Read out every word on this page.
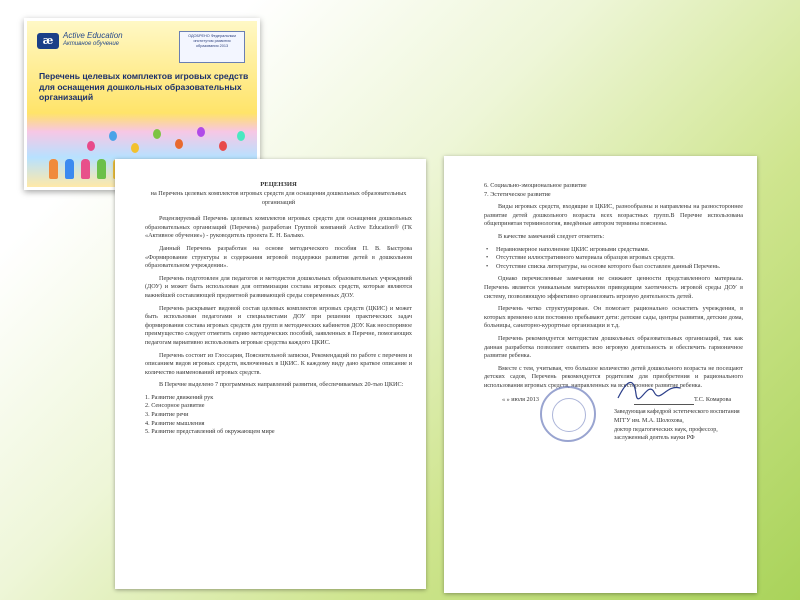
æ	Active Education
Активное обучение
ОДОБРЕНО Федеральным институтом развития образования 2013
Перечень целевых комплектов игровых средств для оснащения дошкольных образовательных организаций
РЕЦЕНЗИЯ
на Перечень целевых комплектов игровых средств для оснащения дошкольных образовательных организаций

Рецензируемый Перечень целевых комплектов игровых средств для оснащения дошкольных образовательных организаций (Перечень) разработан Группой компаний Active Education® (ГК «Активное обучение») - руководитель проекта Е. Н. Балыко.

Данный Перечень разработан на основе методического пособия П. В. Быстрова «Формирование структуры и содержания игровой поддержки развития детей в дошкольном образовательном учреждении».

Перечень подготовлен для педагогов и методистов дошкольных образовательных учреждений (ДОУ) и может быть использован для оптимизации состава игровых средств, которые являются важнейшей составляющей предметной развивающей среды современных ДОУ.

Перечень раскрывает видовой состав целевых комплектов игровых средств (ЦКИС) и может быть использован педагогами и специалистами ДОУ при решении практических задач формирования состава игровых средств для групп и методических кабинетов ДОУ. Как неоспоримое преимущество следует отметить серию методических пособий, заявленных в Перечне, помогающих педагогам вариативно использовать игровые средства каждого ЦКИС.

Перечень состоит из Глоссария, Пояснительной записки, Рекомендаций по работе с перечнем и описанием видов игровых средств, включенных в ЦКИС. К каждому виду дано краткое описание и количество наименований игровых средств.

В Перечне выделено 7 программных направлений развития, обеспечиваемых 20-тью ЦКИС:

1. Развитие движений рук
2. Сенсорное развитие
3. Развитие речи
4. Развитие мышления
5. Развитие представлений об окружающем мире
6. Социально-эмоциональное развитие
7. Эстетическое развитие

Виды игровых средств, входящие в ЦКИС, разнообразны и направлены на разностороннее развитие детей дошкольного возраста всех возрастных групп.В Перечне использована общепринятая терминология, введённые автором термины пояснены.

В качестве замечаний следует отметить:

• Неравномерное наполнение ЦКИС игровыми средствами.
• Отсутствие иллюстративного материала образцов игровых средств.
• Отсутствие списка литературы, на основе которого был составлен данный Перечень.

Однако перечисленные замечания не снижают ценности представленного материала. Перечень является уникальным материалом приводящим хаотичность игровой среды ДОУ в систему, позволяющую эффективно организовать игровую деятельность детей.

Перечень четко структурирован. Он помогает рационально оснастить учреждения, в которых временно или постоянно пребывают дети: детские сады, центры развития, детские дома, больницы, санаторно-курортные организации и т.д.

Перечень рекомендуется методистам дошкольных образовательных организаций, так как данная разработка позволяет охватить всю игровую деятельность и обеспечить гармоничное развитие ребенка.

Вместе с тем, учитывая, что большое количество детей дошкольного возраста не посещают детских садов, Перечень рекомендуется родителям для приобретения и рационального использования игровых средств, направленных на всестороннее развитие ребенка.

« » июля 2013	Т.С. Комарова
Заведующая кафедрой эстетического воспитания
МГГУ им. М.А. Шолохова,
доктор педагогических наук, профессор,
заслуженный деятель науки РФ
